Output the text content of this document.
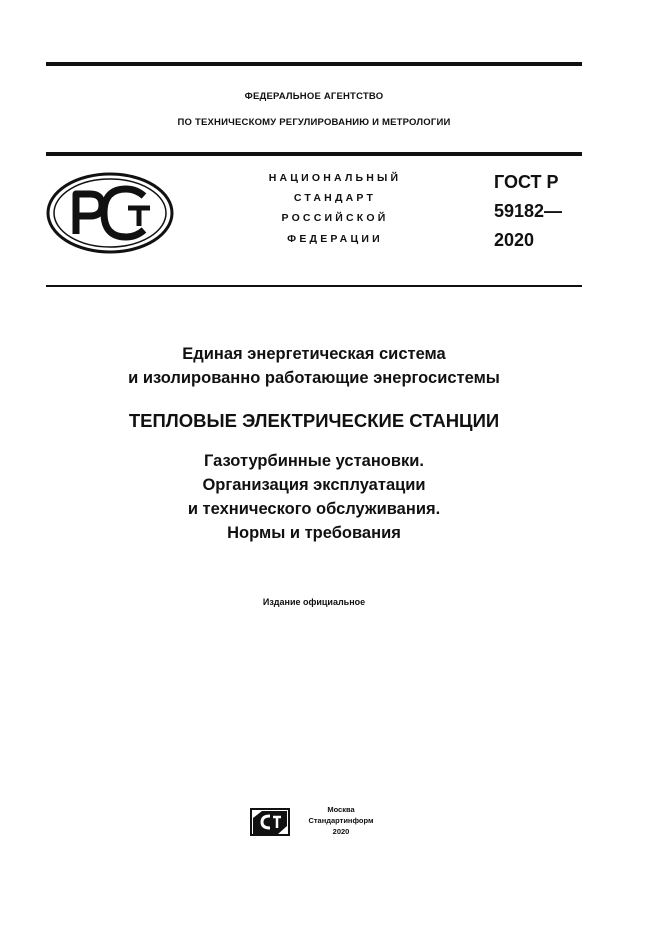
ФЕДЕРАЛЬНОЕ АГЕНТСТВО
ПО ТЕХНИЧЕСКОМУ РЕГУЛИРОВАНИЮ И МЕТРОЛОГИИ
НАЦИОНАЛЬНЫЙ
СТАНДАРТ
РОССИЙСКОЙ
ФЕДЕРАЦИИ
ГОСТ Р
59182—
2020
Единая энергетическая система
и изолированно работающие энергосистемы
ТЕПЛОВЫЕ ЭЛЕКТРИЧЕСКИЕ СТАНЦИИ
Газотурбинные установки.
Организация эксплуатации
и технического обслуживания.
Нормы и требования
Издание официальное
Москва
Стандартинформ
2020
